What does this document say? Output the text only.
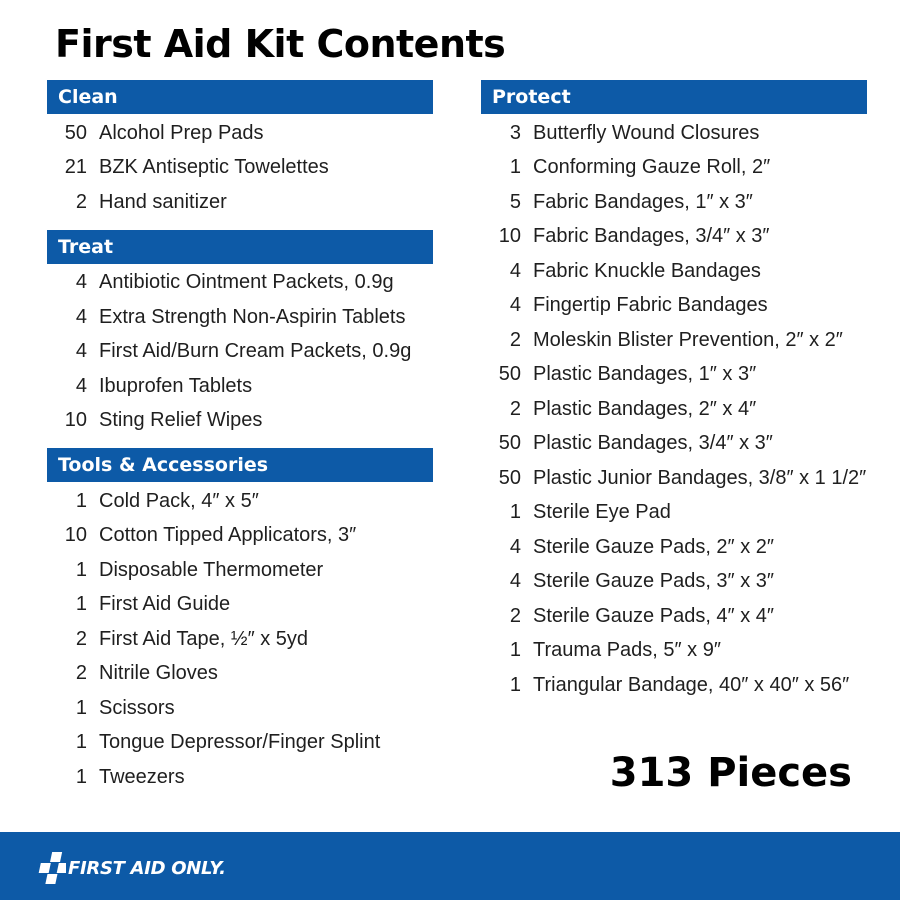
First Aid Kit Contents
Clean
50 Alcohol Prep Pads
21 BZK Antiseptic Towelettes
2 Hand sanitizer
Treat
4 Antibiotic Ointment Packets, 0.9g
4 Extra Strength Non-Aspirin Tablets
4 First Aid/Burn Cream Packets, 0.9g
4 Ibuprofen Tablets
10 Sting Relief Wipes
Tools & Accessories
1 Cold Pack, 4″ x 5″
10 Cotton Tipped Applicators, 3″
1 Disposable Thermometer
1 First Aid Guide
2 First Aid Tape, ½″ x 5yd
2 Nitrile Gloves
1 Scissors
1 Tongue Depressor/Finger Splint
1 Tweezers
Protect
3 Butterfly Wound Closures
1 Conforming Gauze Roll, 2″
5 Fabric Bandages, 1″ x 3″
10 Fabric Bandages, 3/4″ x 3″
4 Fabric Knuckle Bandages
4 Fingertip Fabric Bandages
2 Moleskin Blister Prevention, 2″ x 2″
50 Plastic Bandages, 1″ x 3″
2 Plastic Bandages, 2″ x 4″
50 Plastic Bandages, 3/4″ x 3″
50 Plastic Junior Bandages, 3/8″ x 1 1/2″
1 Sterile Eye Pad
4 Sterile Gauze Pads, 2″ x 2″
4 Sterile Gauze Pads, 3″ x 3″
2 Sterile Gauze Pads, 4″ x 4″
1 Trauma Pads, 5″ x 9″
1 Triangular Bandage, 40″ x 40″ x 56″
313 Pieces
FIRST AID ONLY.
